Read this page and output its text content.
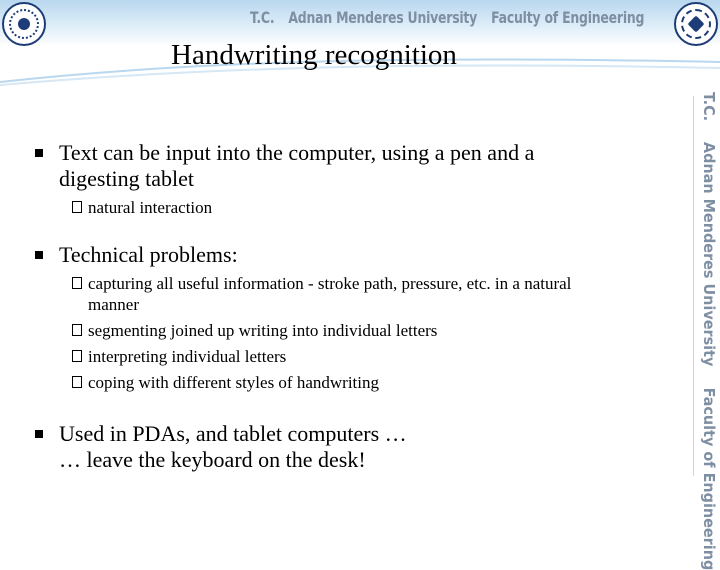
T.C. Adnan Menderes University Faculty of Engineering
T.C.
Adnan Menderes University
Faculty of Engineering
Handwriting recognition
Text can be input into the computer, using a pen and a
digesting tablet
natural interaction
Technical problems:
capturing all useful information - stroke path, pressure, etc. in a natural
manner
segmenting joined up writing into individual letters
interpreting individual letters
coping with different styles of handwriting
Used in PDAs, and tablet computers …
… leave the keyboard on the desk!
